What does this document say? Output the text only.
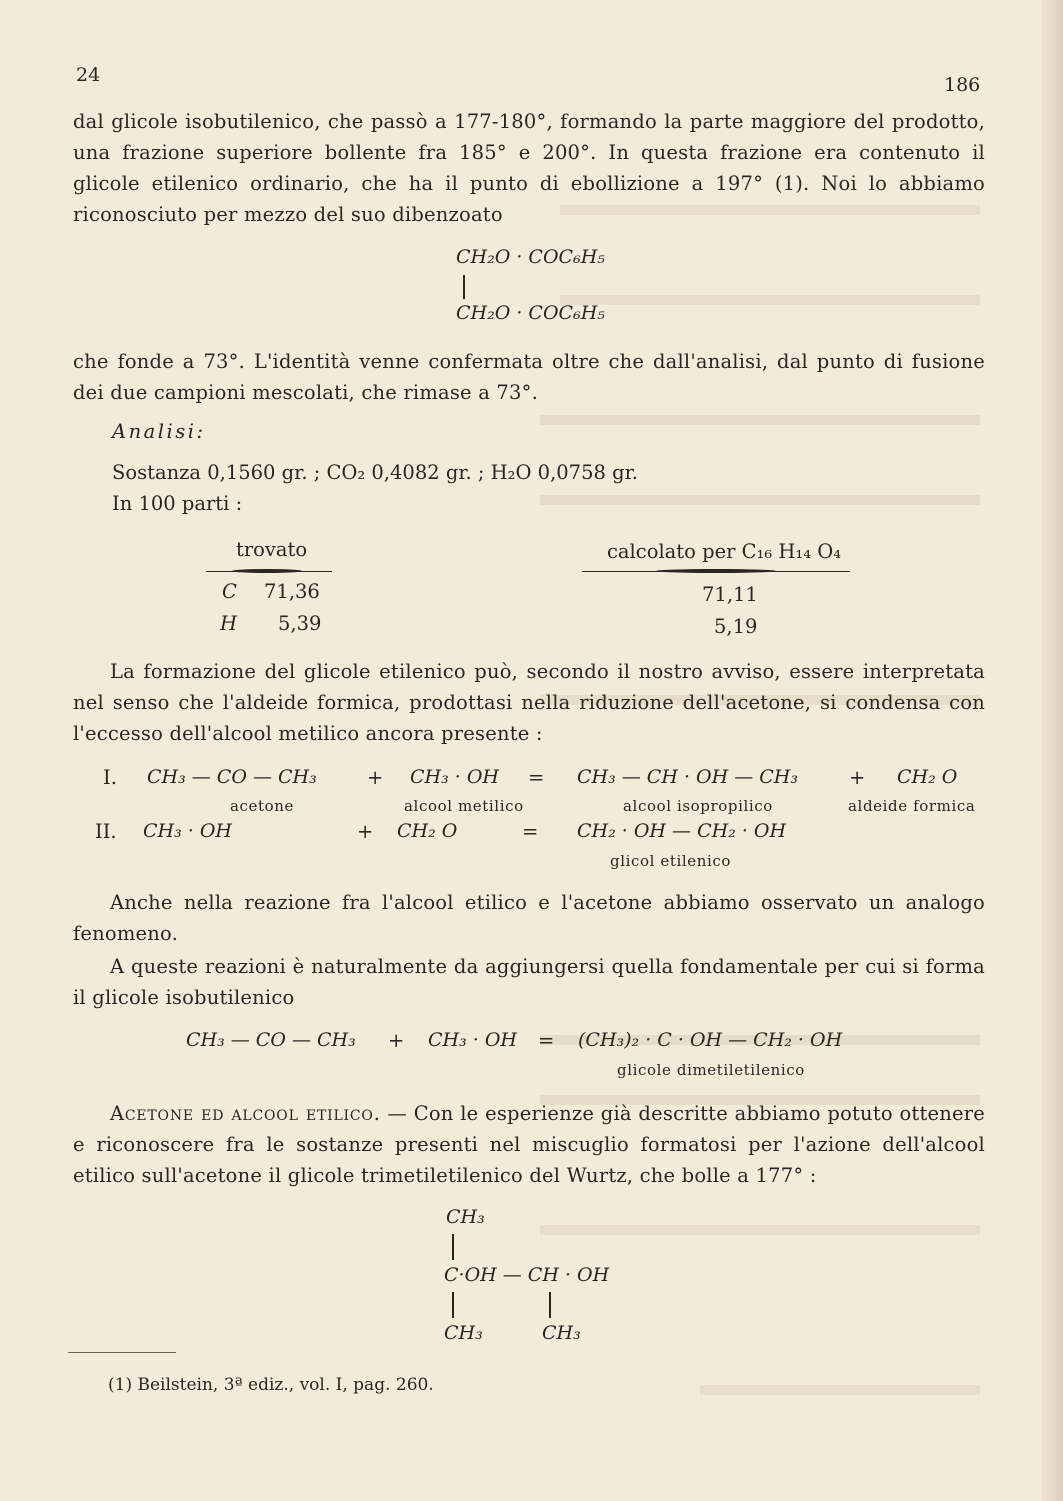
24	186
dal glicole isobutilenico, che passò a 177-180°, formando la parte maggiore del prodotto, una frazione superiore bollente fra 185° e 200°. In questa frazione era contenuto il glicole etilenico ordinario, che ha il punto di ebollizione a 197° (1). Noi lo abbiamo riconosciuto per mezzo del suo dibenzoato
CH₂O · COC₆H₅
CH₂O · COC₆H₅
che fonde a 73°. L'identità venne confermata oltre che dall'analisi, dal punto di fusione dei due campioni mescolati, che rimase a 73°.
Analisi:
Sostanza 0,1560 gr. ; CO₂ 0,4082 gr. ; H₂O 0,0758 gr.
In 100 parti :
trovato	calcolato per C₁₆ H₁₄ O₄
C 71,36	71,11
H 5,39	5,19
La formazione del glicole etilenico può, secondo il nostro avviso, essere interpretata nel senso che l'aldeide formica, prodottasi nella riduzione dell'acetone, si condensa con l'eccesso dell'alcool metilico ancora presente :
I. CH₃ — CO — CH₃	+ CH₃ · OH = CH₃ — CH · OH — CH₃	+ CH₂ O
acetone	alcool metilico	alcool isopropilico	aldeide formica
II. CH₃ · OH	+ CH₂ O	= CH₂ · OH — CH₂ · OH
glicol etilenico
Anche nella reazione fra l'alcool etilico e l'acetone abbiamo osservato un analogo fenomeno.
A queste reazioni è naturalmente da aggiungersi quella fondamentale per cui si forma il glicole isobutilenico
CH₃ — CO — CH₃ + CH₃ · OH = (CH₃)₂ · C · OH — CH₂ · OH
glicole dimetiletilenico
Acetone ed alcool etilico. — Con le esperienze già descritte abbiamo potuto ottenere e riconoscere fra le sostanze presenti nel miscuglio formatosi per l'azione dell'alcool etilico sull'acetone il glicole trimetiletilenico del Wurtz, che bolle a 177° :
CH₃
C·OH — CH · OH
CH₃	CH₃
(1) Beilstein, 3ª ediz., vol. I, pag. 260.
